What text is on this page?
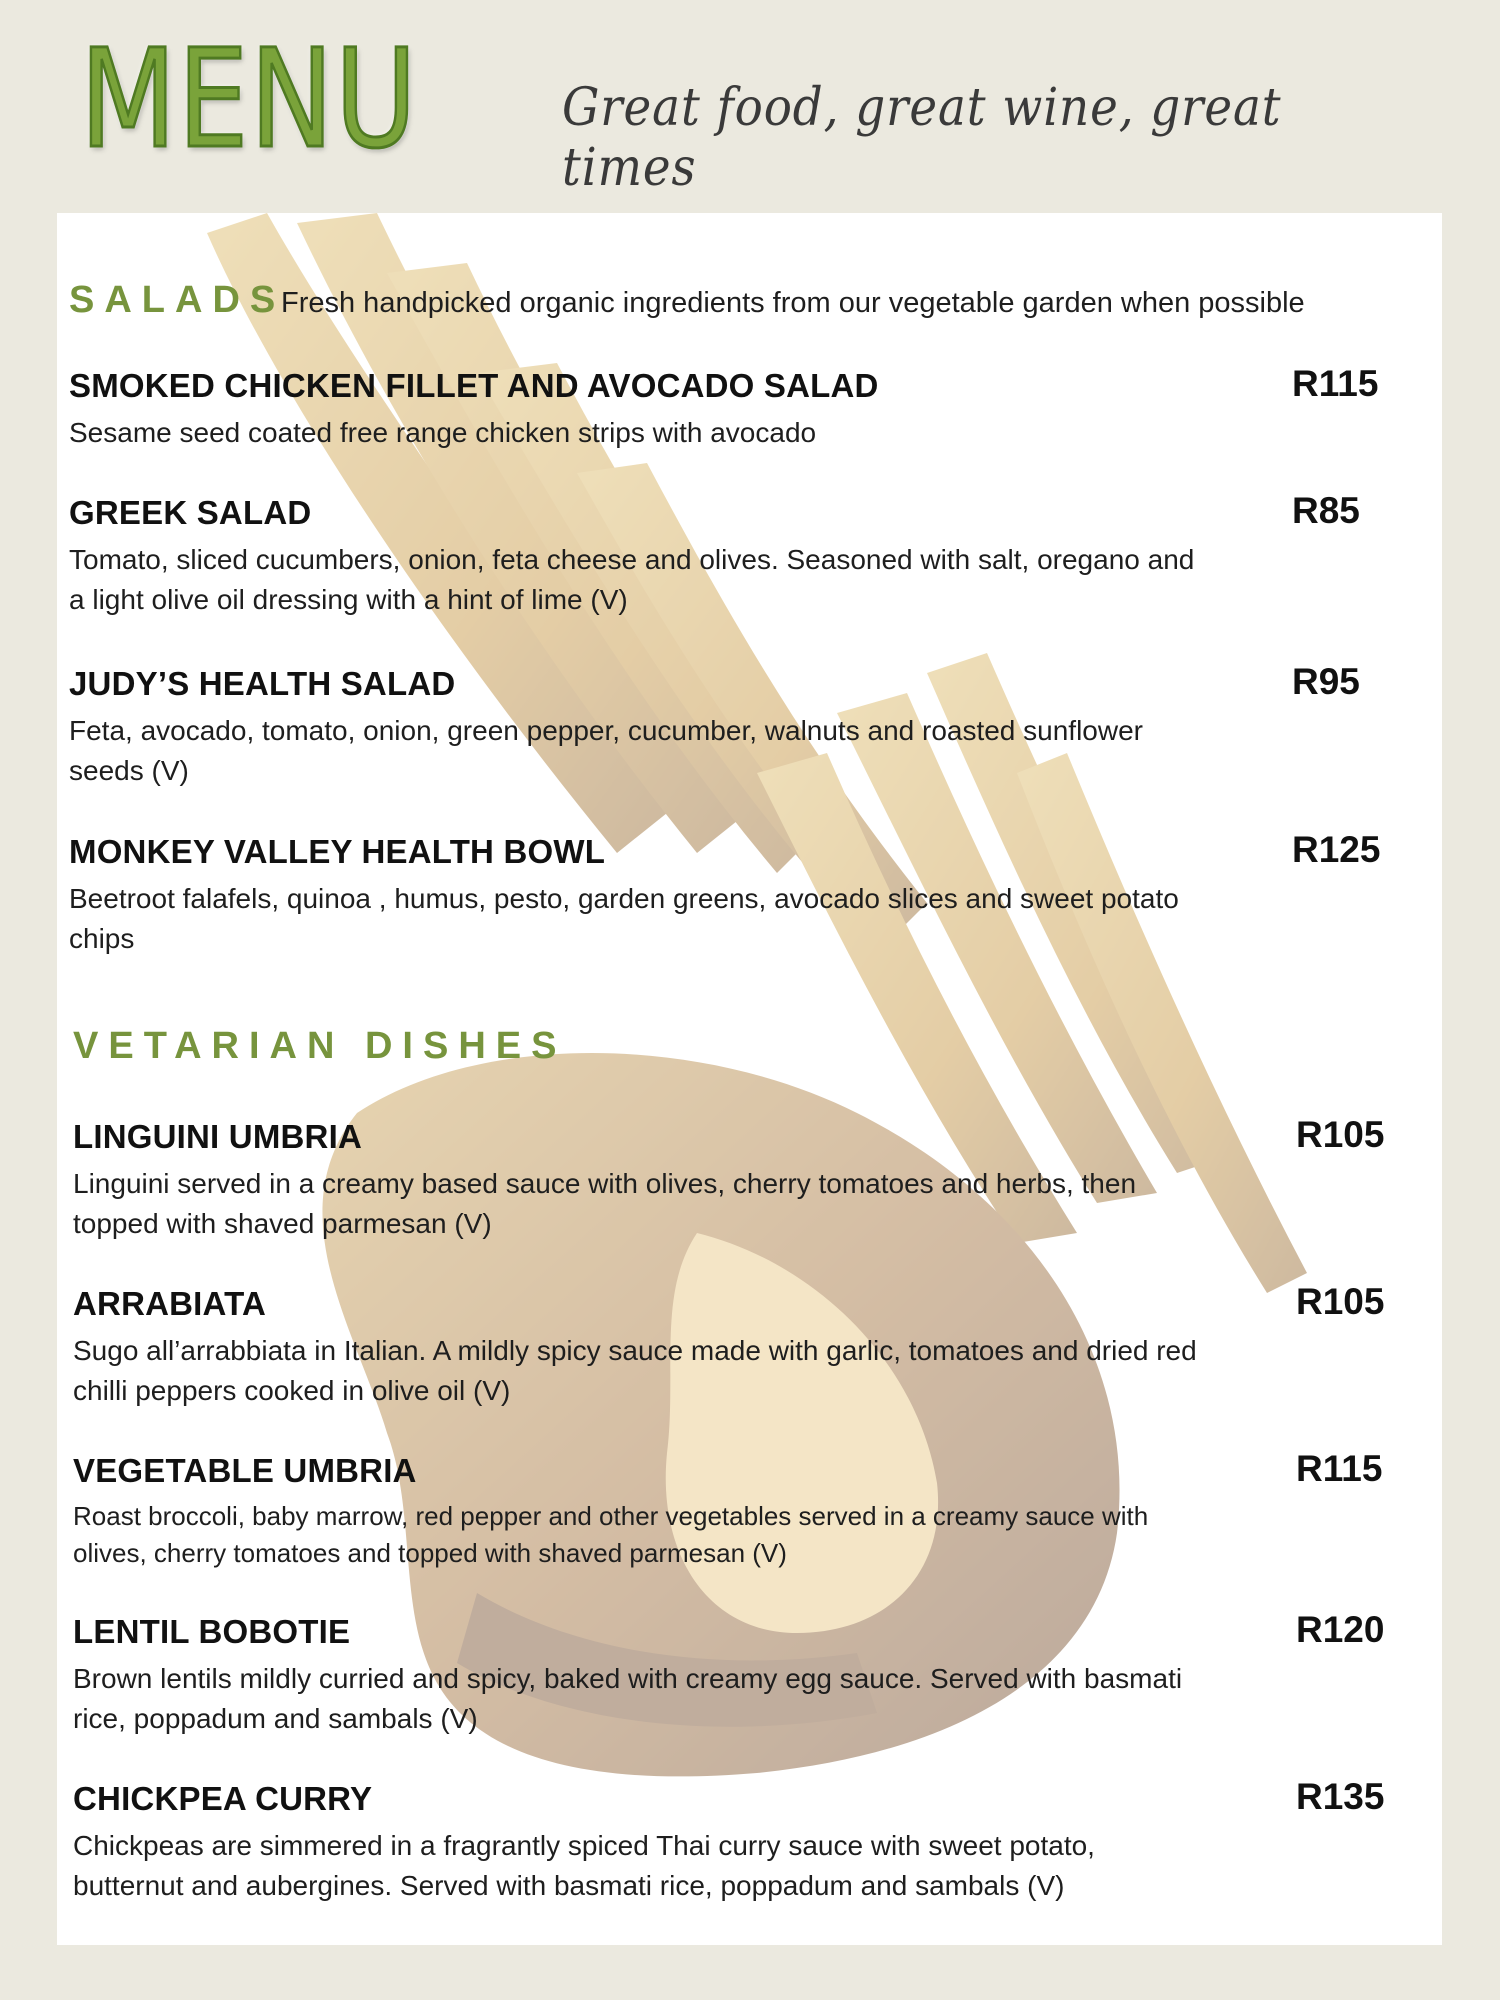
MENU	Great food, great wine, great times
SALADS
Fresh handpicked organic ingredients from our vegetable garden when possible
SMOKED CHICKEN FILLET AND AVOCADO SALAD	R115
Sesame seed coated free range chicken strips with avocado
GREEK SALAD	R85
Tomato, sliced cucumbers, onion, feta cheese and olives. Seasoned with salt, oregano and a light olive oil dressing with a hint of lime (V)
JUDY’S HEALTH SALAD	R95
Feta, avocado, tomato, onion, green pepper, cucumber, walnuts and roasted sunflower seeds (V)
MONKEY VALLEY HEALTH BOWL	R125
Beetroot falafels, quinoa , humus, pesto, garden greens, avocado slices and sweet potato chips
VETARIAN DISHES
LINGUINI UMBRIA	R105
Linguini served in a creamy based sauce with olives, cherry tomatoes and herbs, then topped with shaved parmesan (V)
ARRABIATA	R105
Sugo all’arrabbiata in Italian. A mildly spicy sauce made with garlic, tomatoes and dried red chilli peppers cooked in olive oil (V)
VEGETABLE UMBRIA	R115
Roast broccoli, baby marrow, red pepper and other vegetables served in a creamy sauce with olives, cherry tomatoes and topped with shaved parmesan (V)
LENTIL BOBOTIE	R120
Brown lentils mildly curried and spicy, baked with creamy egg sauce. Served with basmati rice, poppadum and sambals (V)
CHICKPEA CURRY	R135
Chickpeas are simmered in a fragrantly spiced Thai curry sauce with sweet potato, butternut and aubergines. Served with basmati rice, poppadum and sambals (V)
